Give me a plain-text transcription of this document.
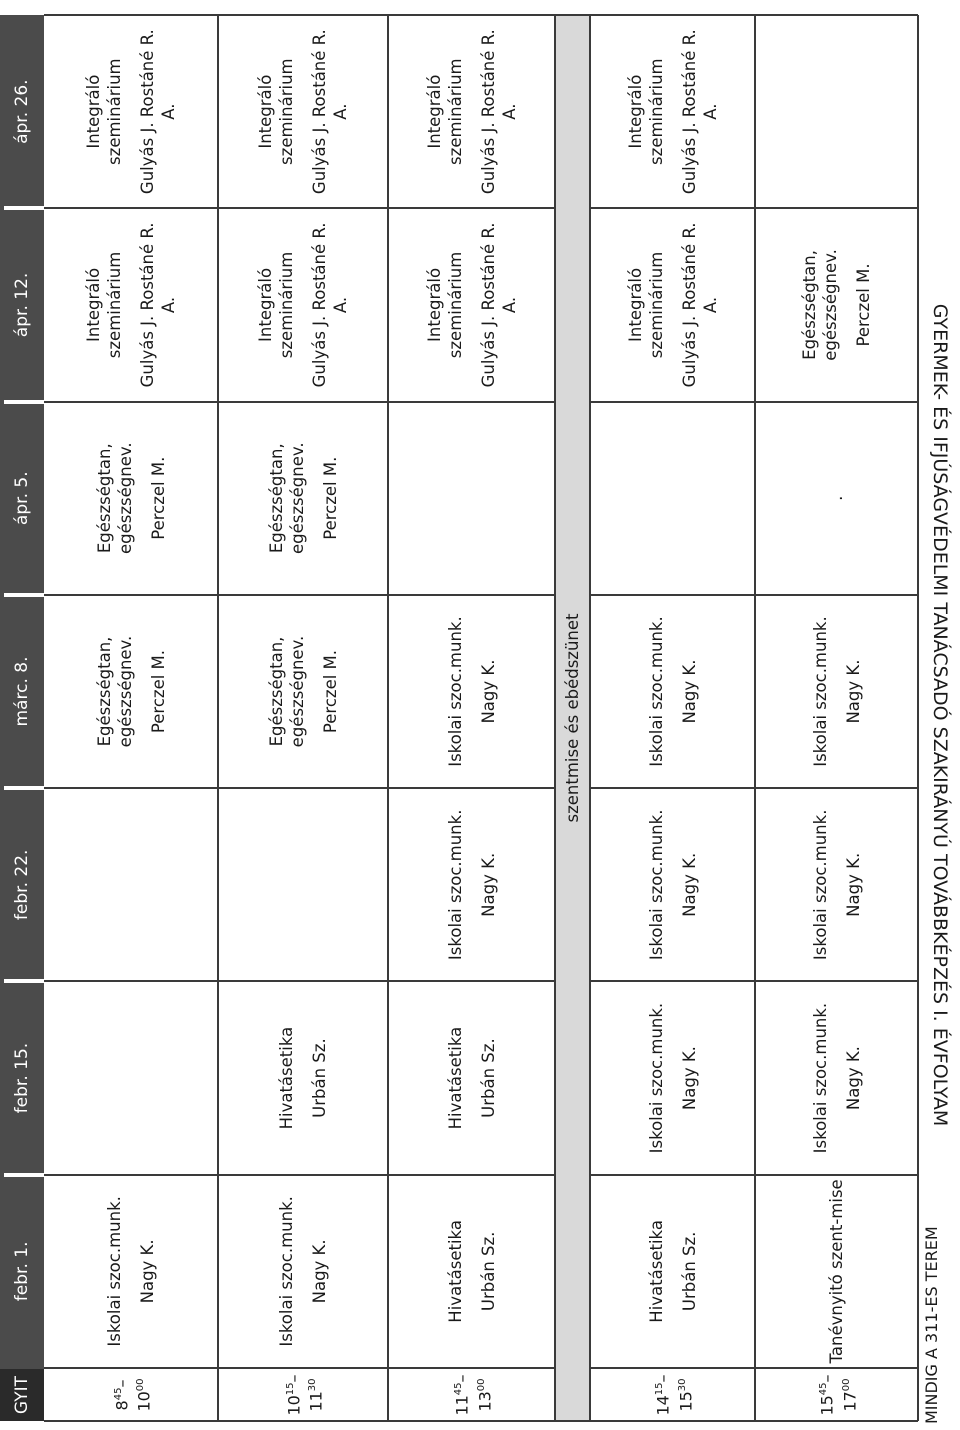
GYIT 2
febr. 1.
febr. 15.
febr. 22.
márc. 8.
ápr. 5.
ápr. 12.
ápr. 26.
szentmise és ebédszünet
$8^{45}-$
$10^{00}$
Iskolai szoc.munk. Nagy K.
Egészségtan, egészségnev. Perczel M.
Egészségtan, egészségnev. Perczel M.
Integráló szeminárium Gulyás J. Rostáné R. A.
Integráló szeminárium Gulyás J. Rostáné R. A.
$10^{15}-$
$11^{30}$
Iskolai szoc.munk. Nagy K.
Hivatásetika Urbán Sz.
Egészségtan, egészségnev. Perczel M.
Egészségtan, egészségnev. Perczel M.
Integráló szeminárium Gulyás J. Rostáné R. A.
Integráló szeminárium Gulyás J. Rostáné R. A.
$11^{45}-$
$13^{00}$
Hivatásetika Urbán Sz.
Hivatásetika Urbán Sz.
Iskolai szoc.munk. Nagy K.
Iskolai szoc.munk. Nagy K.
Integráló szeminárium Gulyás J. Rostáné R. A.
Integráló szeminárium Gulyás J. Rostáné R. A.
$14^{15}-$
$15^{30}$
Hivatásetika Urbán Sz.
Iskolai szoc.munk. Nagy K.
Iskolai szoc.munk. Nagy K.
Iskolai szoc.munk. Nagy K.
Integráló szeminárium Gulyás J. Rostáné R. A.
Integráló szeminárium Gulyás J. Rostáné R. A.
$15^{45}-$
$17^{00}$
Tanévnyitó szent-mise
Iskolai szoc.munk. Nagy K.
Iskolai szoc.munk. Nagy K.
Iskolai szoc.munk. Nagy K.
.
Egészségtan, egészségnev. Perczel M.
MINDIG A 311-ES TEREM
GYERMEK- ÉS IFJÚSÁGVÉDELMI TANÁCSADÓ SZAKIRÁNYÚ TOVÁBBKÉPZÉS I. ÉVFOLYAM
